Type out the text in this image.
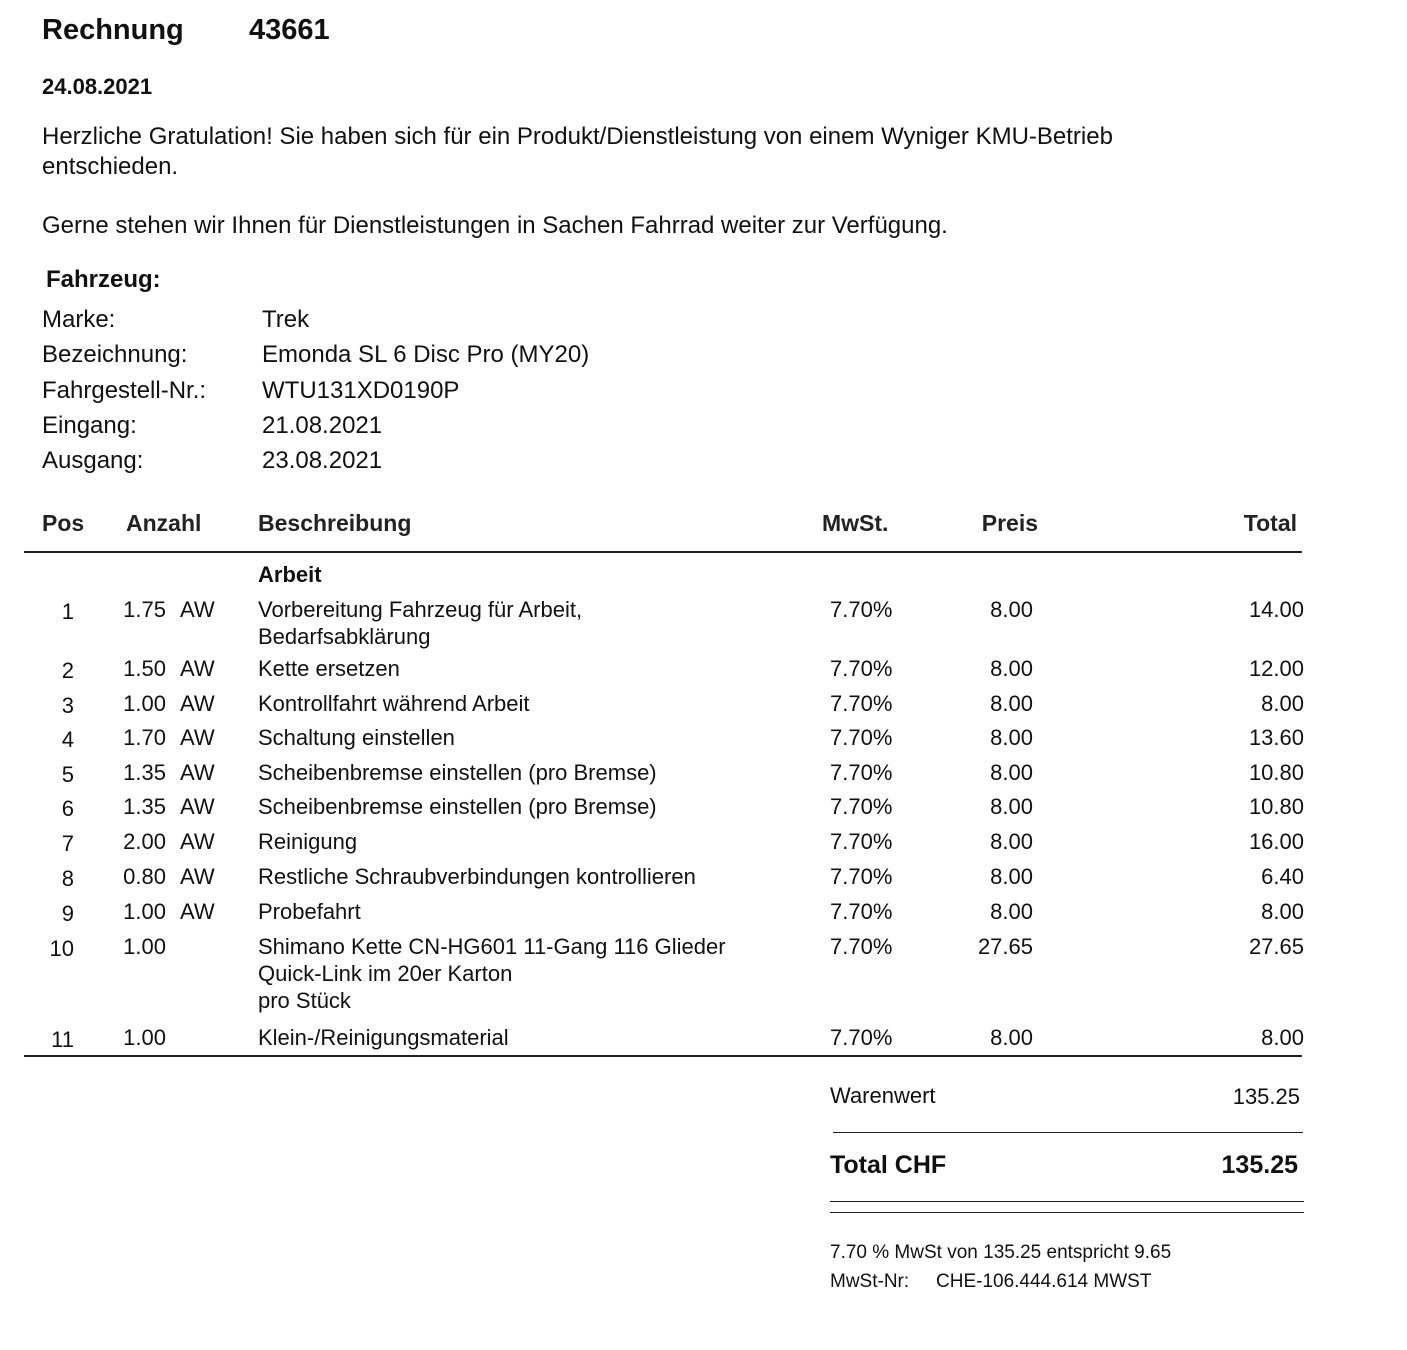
Rechnung 43661
24.08.2021
Herzliche Gratulation! Sie haben sich für ein Produkt/Dienstleistung von einem Wyniger KMU-Betrieb
entschieden.
Gerne stehen wir Ihnen für Dienstleistungen in Sachen Fahrrad weiter zur Verfügung.
Fahrzeug:
Marke:	Trek
Bezeichnung:	Emonda SL 6 Disc Pro (MY20)
Fahrgestell-Nr.: WTU131XD0190P
Eingang:	21.08.2021
Ausgang:	23.08.2021
Pos Anzahl Beschreibung	MwSt.	Preis	Total
Arbeit
1	1.75 AW Vorbereitung Fahrzeug für Arbeit,
Bedarfsabklärung
7.70%	8.00	14.00
2	1.50 AW Kette ersetzen	7.70%	8.00	12.00
3	1.00 AW Kontrollfahrt während Arbeit	7.70%	8.00	8.00
4	1.70 AW Schaltung einstellen	7.70%	8.00	13.60
5	1.35 AW Scheibenbremse einstellen (pro Bremse)	7.70%	8.00	10.80
6	1.35 AW Scheibenbremse einstellen (pro Bremse)	7.70%	8.00	10.80
7	2.00 AW Reinigung	7.70%	8.00	16.00
8	0.80 AW Restliche Schraubverbindungen kontrollieren	7.70%	8.00	6.40
9	1.00 AW Probefahrt	7.70%	8.00	8.00
10	1.00	Shimano Kette CN-HG601 11-Gang 116 Glieder
Quick-Link im 20er Karton
pro Stück
7.70%	27.65	27.65
11	1.00	Klein-/Reinigungsmaterial	7.70%	8.00	8.00
Warenwert	135.25
Total CHF	135.25
7.70 % MwSt von 135.25 entspricht 9.65
MwSt-Nr: CHE-106.444.614 MWST
